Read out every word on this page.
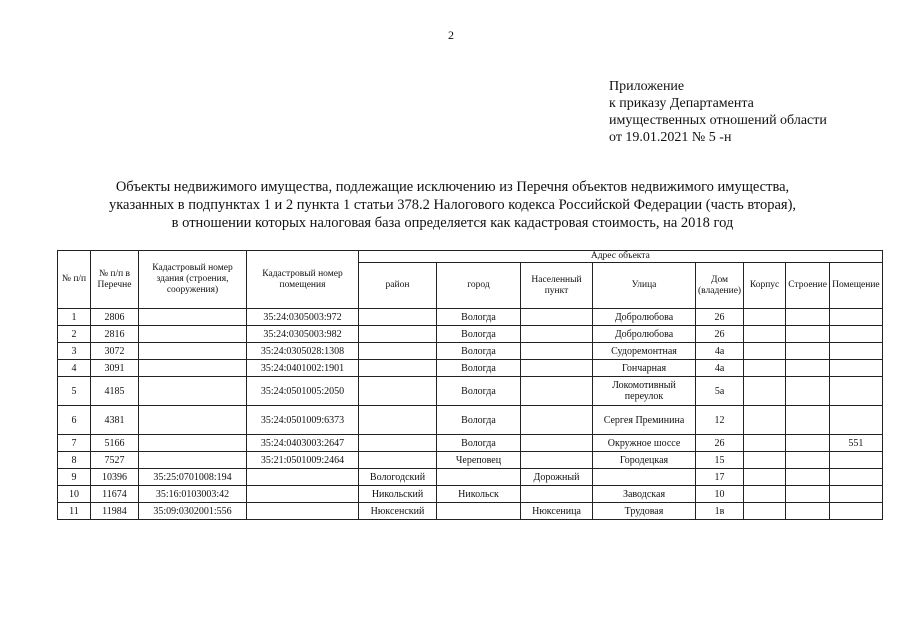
2
Приложение
к приказу Департамента
имущественных отношений области
от 19.01.2021 № 5 -н
Объекты недвижимого имущества, подлежащие исключению из Перечня объектов недвижимого имущества,
указанных в подпунктах 1 и 2 пункта 1 статьи 378.2 Налогового кодекса Российской Федерации (часть вторая),
в отношении которых налоговая база определяется как кадастровая стоимость, на 2018 год
№ п/п	№ п/п в Перечне	Кадастровый номер здания (строения, сооружения)	Кадастровый номер помещения	Адрес объекта							
				район	город	Населенный пункт	Улица	Дом (владение)	Корпус	Строение	Помещение
1	2806		35:24:0305003:972		Вологда		Добролюбова	26			
2	2816		35:24:0305003:982		Вологда		Добролюбова	26			
3	3072		35:24:0305028:1308		Вологда		Судоремонтная	4а			
4	3091		35:24:0401002:1901		Вологда		Гончарная	4а			
5	4185		35:24:0501005:2050		Вологда		Локомотивный переулок	5а			
6	4381		35:24:0501009:6373		Вологда		Сергея Преминина	12			
7	5166		35:24:0403003:2647		Вологда		Окружное шоссе	26			551
8	7527		35:21:0501009:2464		Череповец		Городецкая	15			
9	10396	35:25:0701008:194		Вологодский		Дорожный		17			
10	11674	35:16:0103003:42		Никольский	Никольск		Заводская	10			
11	11984	35:09:0302001:556		Нюксенский		Нюксеница	Трудовая	1в			
